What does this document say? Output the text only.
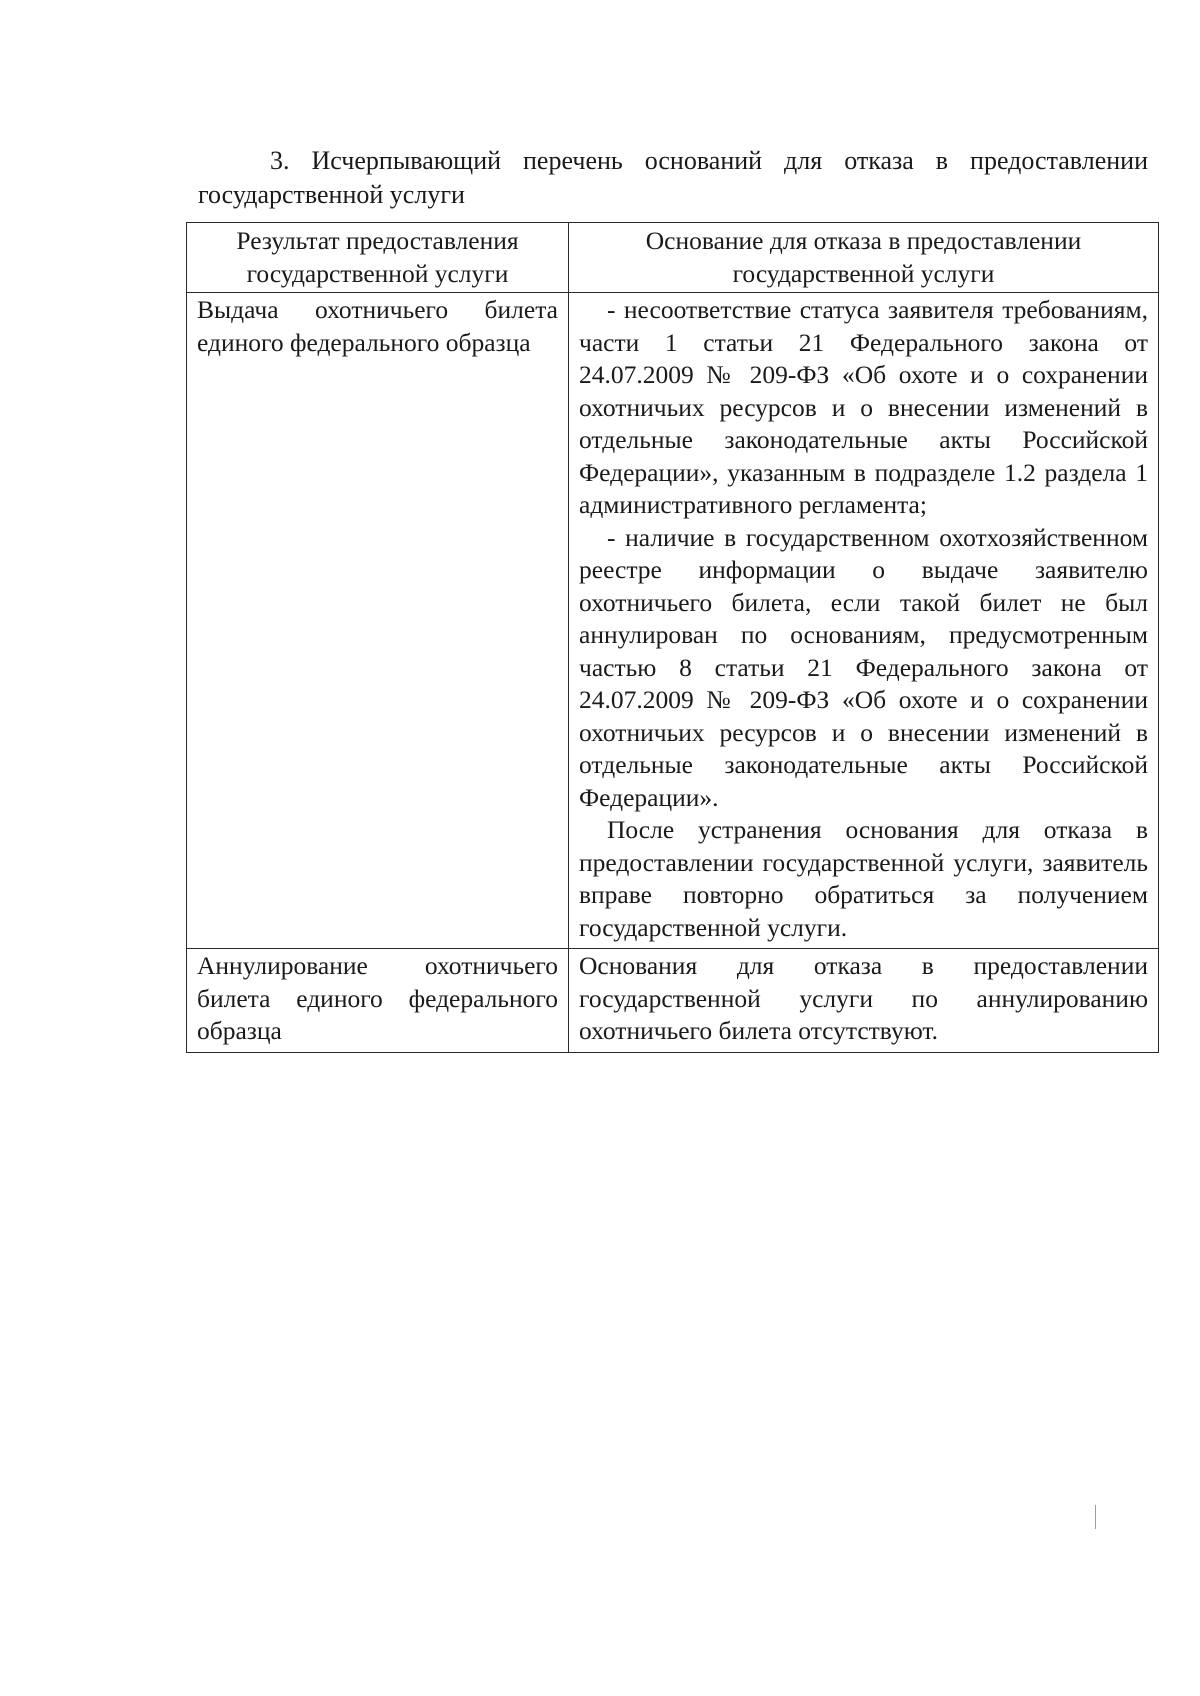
3. Исчерпывающий перечень оснований для отказа в предоставлении государственной услуги

Результат предоставления государственной услуги	Основание для отказа в предоставлении государственной услуги

Выдача охотничьего билета единого федерального образца	- несоответствие статуса заявителя требованиям, части 1 статьи 21 Федерального закона от 24.07.2009 № 209-ФЗ «Об охоте и о сохранении охотничьих ресурсов и о внесении изменений в отдельные законодательные акты Российской Федерации», указанным в подразделе 1.2 раздела 1 административного регламента;

- наличие в государственном охотхозяйственном реестре информации о выдаче заявителю охотничьего билета, если такой билет не был аннулирован по основаниям, предусмотренным частью 8 статьи 21 Федерального закона от 24.07.2009 № 209-ФЗ «Об охоте и о сохранении охотничьих ресурсов и о внесении изменений в отдельные законодательные акты Российской Федерации».

После устранения основания для отказа в предоставлении государственной услуги, заявитель вправе повторно обратиться за получением государственной услуги.

Аннулирование охотничьего билета единого федерального образца	Основания для отказа в предоставлении государственной услуги по аннулированию охотничьего билета отсутствуют.
